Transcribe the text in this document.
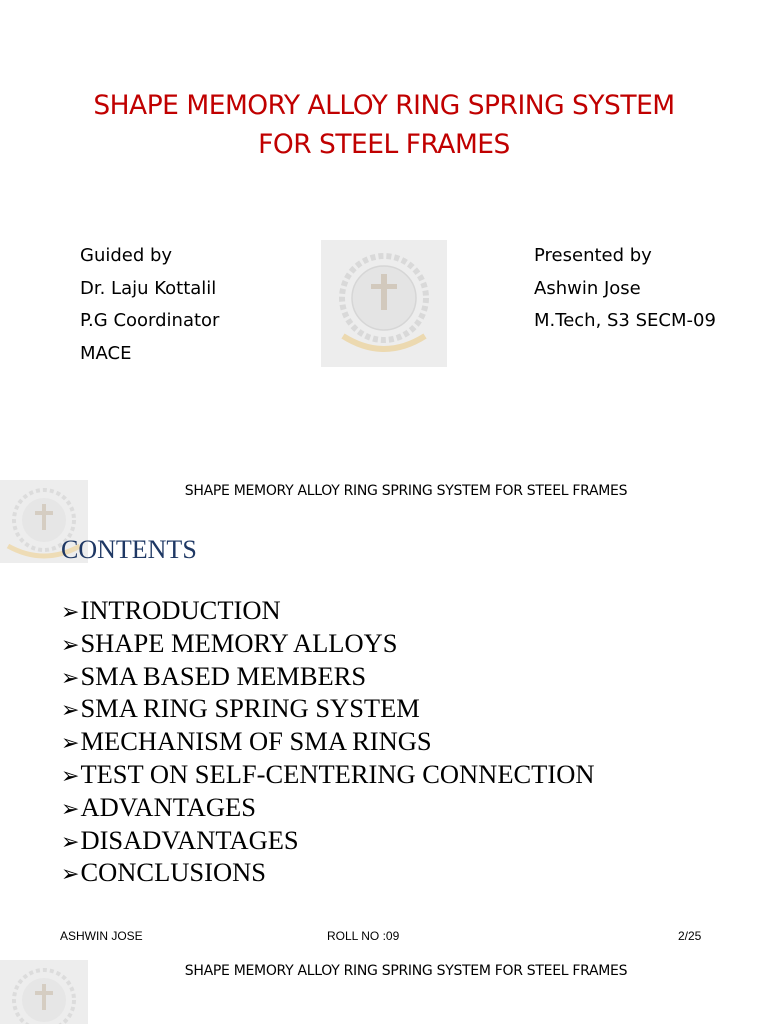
SHAPE MEMORY ALLOY RING SPRING SYSTEM
FOR STEEL FRAMES
Guided by
Dr. Laju Kottalil
P.G Coordinator
MACE
Presented by
Ashwin Jose
M.Tech, S3 SECM-09
SHAPE MEMORY ALLOY RING SPRING SYSTEM FOR STEEL FRAMES
CONTENTS
➢INTRODUCTION
➢SHAPE MEMORY ALLOYS
➢SMA BASED MEMBERS
➢SMA RING SPRING SYSTEM
➢MECHANISM OF SMA RINGS
➢TEST ON SELF-CENTERING CONNECTION
➢ADVANTAGES
➢DISADVANTAGES
➢CONCLUSIONS
ASHWIN JOSE	ROLL NO :09	2/25
SHAPE MEMORY ALLOY RING SPRING SYSTEM FOR STEEL FRAMES
